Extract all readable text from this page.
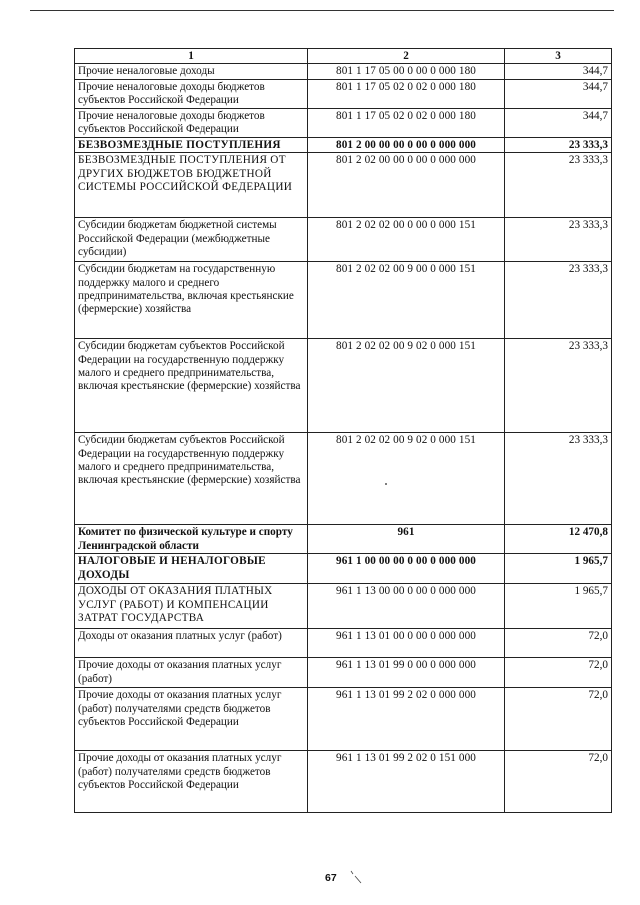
1	2	3
Прочие неналоговые доходы	801 1 17 05 00 0 00 0 000 180	344,7
Прочие неналоговые доходы бюджетов субъектов Российской Федерации	801 1 17 05 02 0 02 0 000 180	344,7
Прочие неналоговые доходы бюджетов субъектов Российской Федерации	801 1 17 05 02 0 02 0 000 180	344,7
БЕЗВОЗМЕЗДНЫЕ ПОСТУПЛЕНИЯ	801 2 00 00 00 0 00 0 000 000	23 333,3
БЕЗВОЗМЕЗДНЫЕ ПОСТУПЛЕНИЯ ОТ ДРУГИХ БЮДЖЕТОВ БЮДЖЕТНОЙ СИСТЕМЫ РОССИЙСКОЙ ФЕДЕРАЦИИ	801 2 02 00 00 0 00 0 000 000	23 333,3
Субсидии бюджетам бюджетной системы Российской Федерации (межбюджетные субсидии)	801 2 02 02 00 0 00 0 000 151	23 333,3
Субсидии бюджетам на государственную поддержку малого и среднего предпринимательства, включая крестьянские (фермерские) хозяйства	801 2 02 02 00 9 00 0 000 151	23 333,3
Субсидии бюджетам субъектов Российской Федерации на государственную поддержку малого и среднего предпринимательства, включая крестьянские (фермерские) хозяйства	801 2 02 02 00 9 02 0 000 151	23 333,3
Субсидии бюджетам субъектов Российской Федерации на государственную поддержку малого и среднего предпринимательства, включая крестьянские (фермерские) хозяйства	801 2 02 02 00 9 02 0 000 151	23 333,3
Комитет по физической культуре и спорту Ленинградской области	961	12 470,8
НАЛОГОВЫЕ И НЕНАЛОГОВЫЕ ДОХОДЫ	961 1 00 00 00 0 00 0 000 000	1 965,7
ДОХОДЫ ОТ ОКАЗАНИЯ ПЛАТНЫХ УСЛУГ (РАБОТ) И КОМПЕНСАЦИИ ЗАТРАТ ГОСУДАРСТВА	961 1 13 00 00 0 00 0 000 000	1 965,7
Доходы от оказания платных услуг (работ)	961 1 13 01 00 0 00 0 000 000	72,0
Прочие доходы от оказания платных услуг (работ)	961 1 13 01 99 0 00 0 000 000	72,0
Прочие доходы от оказания платных услуг (работ) получателями средств бюджетов субъектов Российской Федерации	961 1 13 01 99 2 02 0 000 000	72,0
Прочие доходы от оказания платных услуг (работ) получателями средств бюджетов субъектов Российской Федерации	961 1 13 01 99 2 02 0 151 000	72,0
67
